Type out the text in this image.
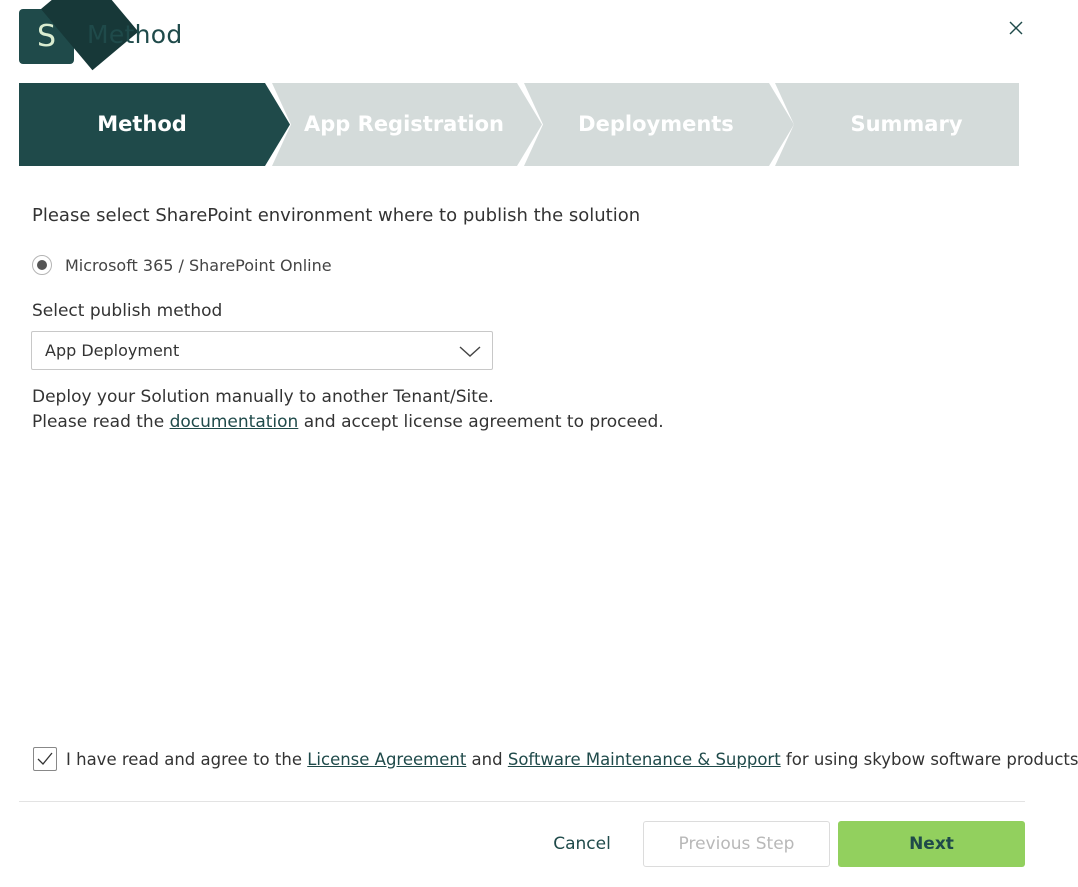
S	Method
Method	App Registration	Deployments	Summary
Please select SharePoint environment where to publish the solution
Microsoft 365 / SharePoint Online
Select publish method
App Deployment
Deploy your Solution manually to another Tenant/Site.
Please read the documentation and accept license agreement to proceed.
I have read and agree to the License Agreement and Software Maintenance & Support for using skybow software products
Cancel	Previous Step	Next
